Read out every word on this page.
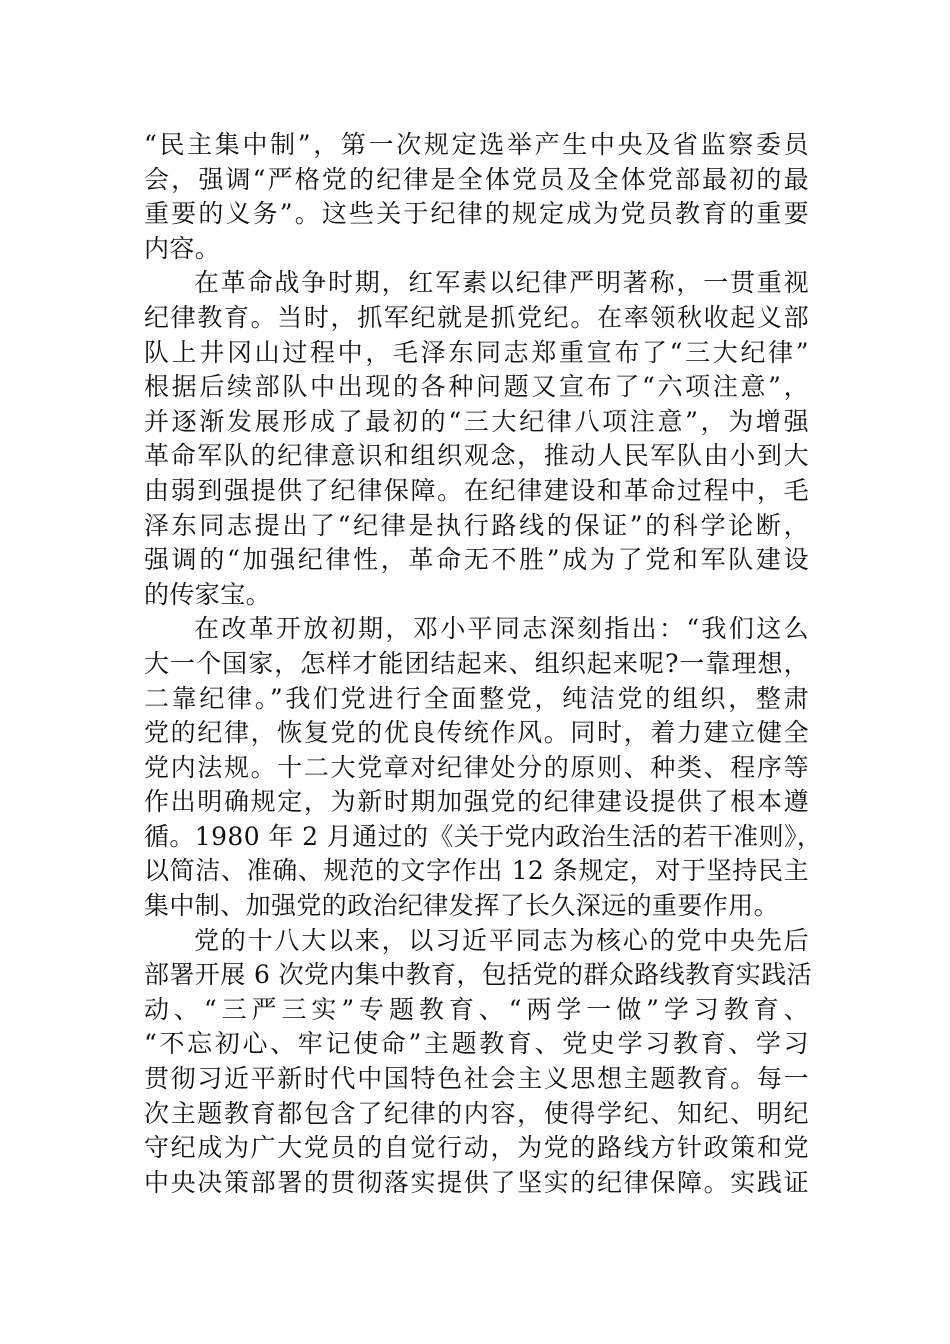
“民主集中制”，第一次规定选举产生中央及省监察委员
会，强调“严格党的纪律是全体党员及全体党部最初的最
重要的义务”。这些关于纪律的规定成为党员教育的重要
内容。
在革命战争时期，红军素以纪律严明著称，一贯重视
纪律教育。当时，抓军纪就是抓党纪。在率领秋收起义部
队上井冈山过程中，毛泽东同志郑重宣布了“三大纪律”
根据后续部队中出现的各种问题又宣布了“六项注意”，
并逐渐发展形成了最初的“三大纪律八项注意”，为增强
革命军队的纪律意识和组织观念，推动人民军队由小到大
由弱到强提供了纪律保障。在纪律建设和革命过程中，毛
泽东同志提出了“纪律是执行路线的保证”的科学论断，
强调的“加强纪律性，革命无不胜”成为了党和军队建设
的传家宝。
在改革开放初期，邓小平同志深刻指出：“我们这么
大一个国家，怎样才能团结起来、组织起来呢?一靠理想，
二靠纪律。”我们党进行全面整党，纯洁党的组织，整肃
党的纪律，恢复党的优良传统作风。同时，着力建立健全
党内法规。十二大党章对纪律处分的原则、种类、程序等
作出明确规定，为新时期加强党的纪律建设提供了根本遵
循。1980 年 2 月通过的《关于党内政治生活的若干准则》，
以简洁、准确、规范的文字作出 12 条规定，对于坚持民主
集中制、加强党的政治纪律发挥了长久深远的重要作用。
党的十八大以来，以习近平同志为核心的党中央先后
部署开展 6 次党内集中教育，包括党的群众路线教育实践活
动、“三严三实”专题教育、“两学一做”学习教育、
“不忘初心、牢记使命”主题教育、党史学习教育、学习
贯彻习近平新时代中国特色社会主义思想主题教育。每一
次主题教育都包含了纪律的内容，使得学纪、知纪、明纪
守纪成为广大党员的自觉行动，为党的路线方针政策和党
中央决策部署的贯彻落实提供了坚实的纪律保障。实践证
